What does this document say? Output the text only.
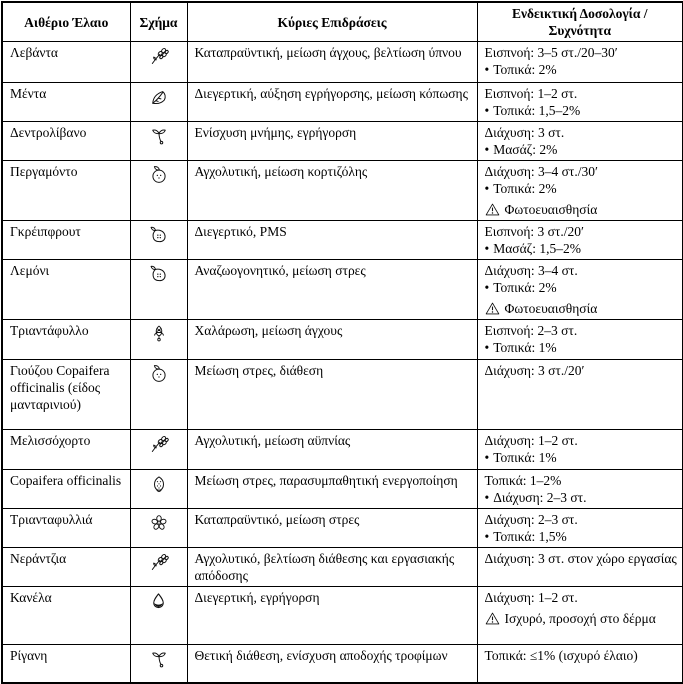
Αιθέριο Έλαιο	Σχήμα	Κύριες Επιδράσεις	Ενδεικτική Δοσολογία / Συχνότητα
Λεβάντα		Καταπραϋντική, μείωση άγχους, βελτίωση ύπνου	Εισπνοή: 3–5 στ./20–30′
• Τοπικά: 2%

Μέντα		Διεγερτική, αύξηση εγρήγορσης, μείωση κόπωσης	Εισπνοή: 1–2 στ.
• Τοπικά: 1,5–2%

Δεντρολίβανο		Ενίσχυση μνήμης, εγρήγορση	Διάχυση: 3 στ.
• Μασάζ: 2%

Περγαμόντο		Αγχολυτική, μείωση κορτιζόλης	Διάχυση: 3–4 στ./30′
• Τοπικά: 2%
Φωτοευαισθησία

Γκρέιπφρουτ		Διεγερτικό, PMS	Εισπνοή: 3 στ./20′
• Μασάζ: 1,5–2%

Λεμόνι		Αναζωογονητικό, μείωση στρες	Διάχυση: 3–4 στ.
• Τοπικά: 2%
Φωτοευαισθησία

Τριαντάφυλλο		Χαλάρωση, μείωση άγχους	Εισπνοή: 2–3 στ.
• Τοπικά: 1%

Γιούζου Copaifera officinalis (είδος μανταρινιού)		Μείωση στρες, διάθεση	Διάχυση: 3 στ./20′

Μελισσόχορτο		Αγχολυτική, μείωση αϋπνίας	Διάχυση: 1–2 στ.
• Τοπικά: 1%

Copaifera officinalis		Μείωση στρες, παρασυμπαθητική ενεργοποίηση	Τοπικά: 1–2%
• Διάχυση: 2–3 στ.

Τριανταφυλλιά		Καταπραϋντικό, μείωση στρες	Διάχυση: 2–3 στ.
• Τοπικά: 1,5%

Νεράντζια		Αγχολυτικό, βελτίωση διάθεσης και εργασιακής απόδοσης	Διάχυση: 3 στ. στον χώρο εργασίας

Κανέλα		Διεγερτική, εγρήγορση	Διάχυση: 1–2 στ.
Ισχυρό, προσοχή στο δέρμα

Ρίγανη		Θετική διάθεση, ενίσχυση αποδοχής τροφίμων	Τοπικά: ≤1% (ισχυρό έλαιο)
